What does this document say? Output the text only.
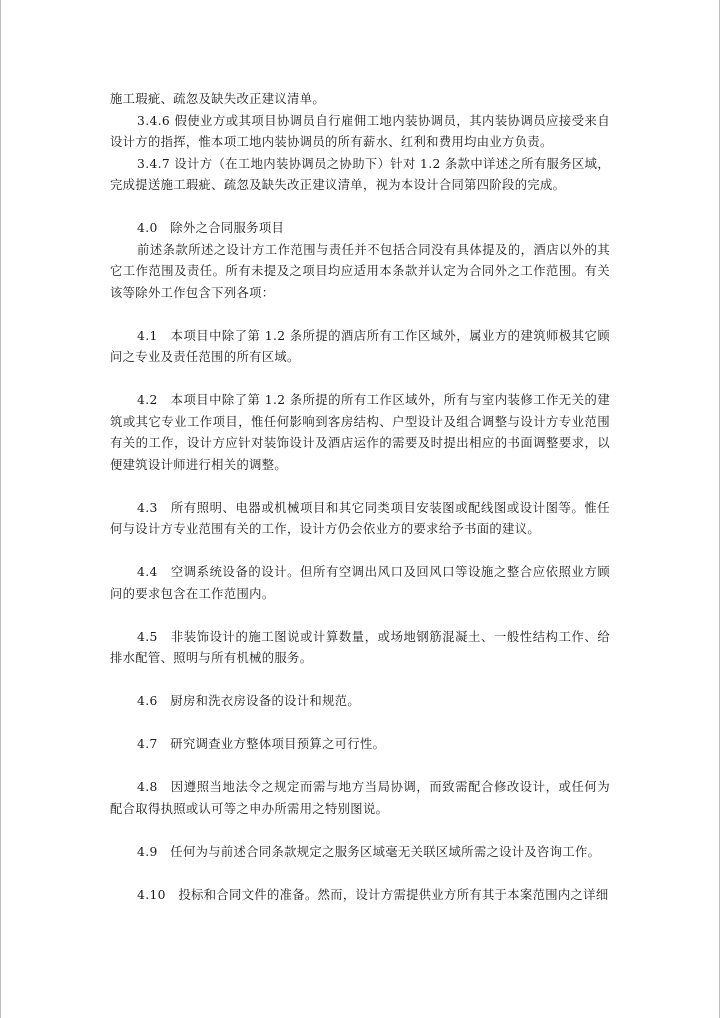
施工瑕疵、疏忽及缺失改正建议清单。

3.4.6 假使业方或其项目协调员自行雇佣工地内装协调员，其内装协调员应接受来自设计方的指挥，惟本项工地内装协调员的所有薪水、红利和费用均由业方负责。

3.4.7 设计方（在工地内装协调员之协助下）针对 1.2 条款中详述之所有服务区域，完成提送施工瑕疵、疏忽及缺失改正建议清单，视为本设计合同第四阶段的完成。

4.0　除外之合同服务项目

前述条款所述之设计方工作范围与责任并不包括合同没有具体提及的，酒店以外的其它工作范围及责任。所有未提及之项目均应适用本条款并认定为合同外之工作范围。有关该等除外工作包含下列各项：

4.1　本项目中除了第 1.2 条所提的酒店所有工作区域外，属业方的建筑师极其它顾问之专业及责任范围的所有区域。

4.2　本项目中除了第 1.2 条所提的所有工作区域外，所有与室内装修工作无关的建筑或其它专业工作项目，惟任何影响到客房结构、户型设计及组合调整与设计方专业范围有关的工作，设计方应针对装饰设计及酒店运作的需要及时提出相应的书面调整要求，以便建筑设计师进行相关的调整。

4.3　所有照明、电器或机械项目和其它同类项目安装图或配线图或设计图等。惟任何与设计方专业范围有关的工作，设计方仍会依业方的要求给予书面的建议。

4.4　空调系统设备的设计。但所有空调出风口及回风口等设施之整合应依照业方顾问的要求包含在工作范围内。

4.5　非装饰设计的施工图说或计算数量，或场地钢筋混凝土、一般性结构工作、给排水配管、照明与所有机械的服务。

4.6　厨房和洗衣房设备的设计和规范。

4.7　研究调查业方整体项目预算之可行性。

4.8　因遵照当地法令之规定而需与地方当局协调，而致需配合修改设计，或任何为配合取得执照或认可等之申办所需用之特别图说。

4.9　任何为与前述合同条款规定之服务区域毫无关联区域所需之设计及咨询工作。

4.10　投标和合同文件的准备。然而，设计方需提供业方所有其于本案范围内之详细
